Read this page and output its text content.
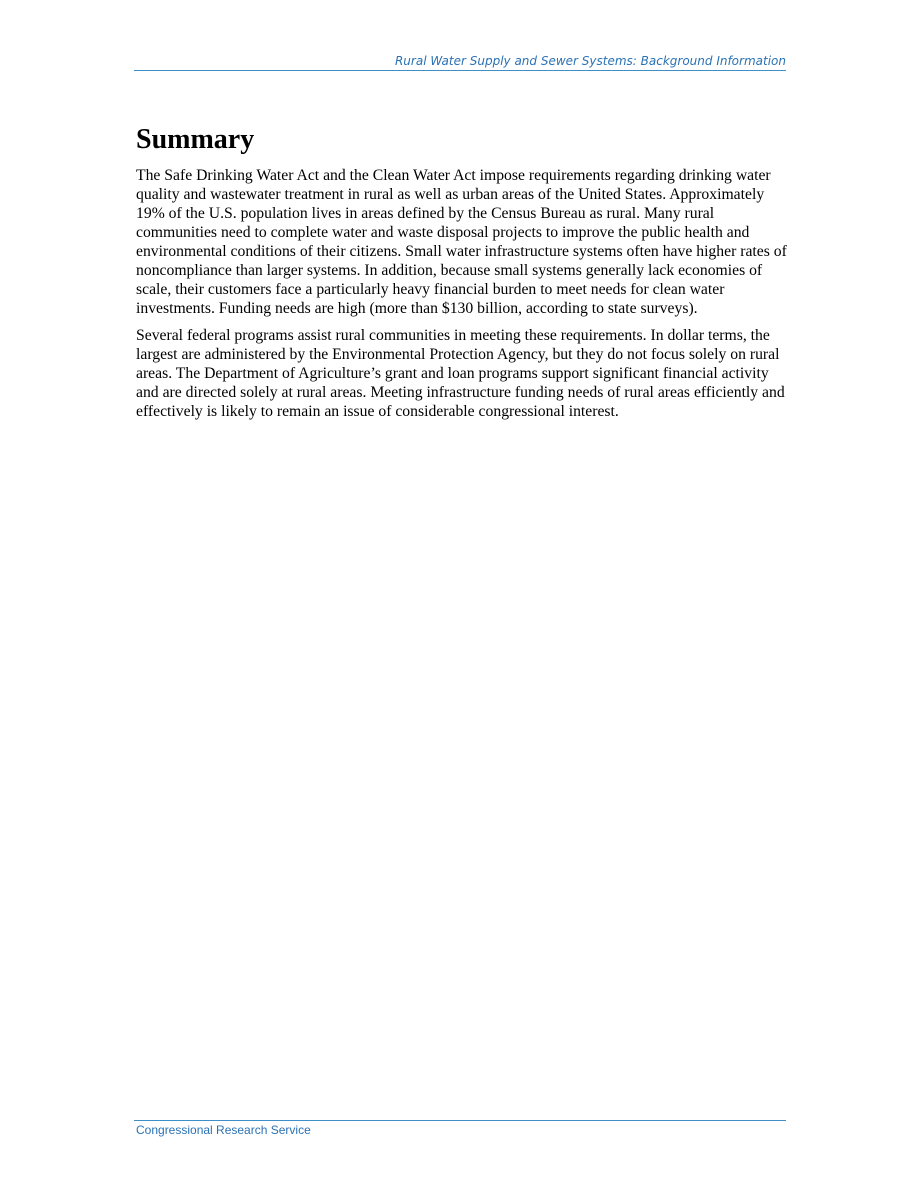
Rural Water Supply and Sewer Systems: Background Information
Summary

The Safe Drinking Water Act and the Clean Water Act impose requirements regarding drinking water quality and wastewater treatment in rural as well as urban areas of the United States. Approximately 19% of the U.S. population lives in areas defined by the Census Bureau as rural. Many rural communities need to complete water and waste disposal projects to improve the public health and environmental conditions of their citizens. Small water infrastructure systems often have higher rates of noncompliance than larger systems. In addition, because small systems generally lack economies of scale, their customers face a particularly heavy financial burden to meet needs for clean water investments. Funding needs are high (more than $130 billion, according to state surveys).

Several federal programs assist rural communities in meeting these requirements. In dollar terms, the largest are administered by the Environmental Protection Agency, but they do not focus solely on rural areas. The Department of Agriculture’s grant and loan programs support significant financial activity and are directed solely at rural areas. Meeting infrastructure funding needs of rural areas efficiently and effectively is likely to remain an issue of considerable congressional interest.

Congressional Research Service
